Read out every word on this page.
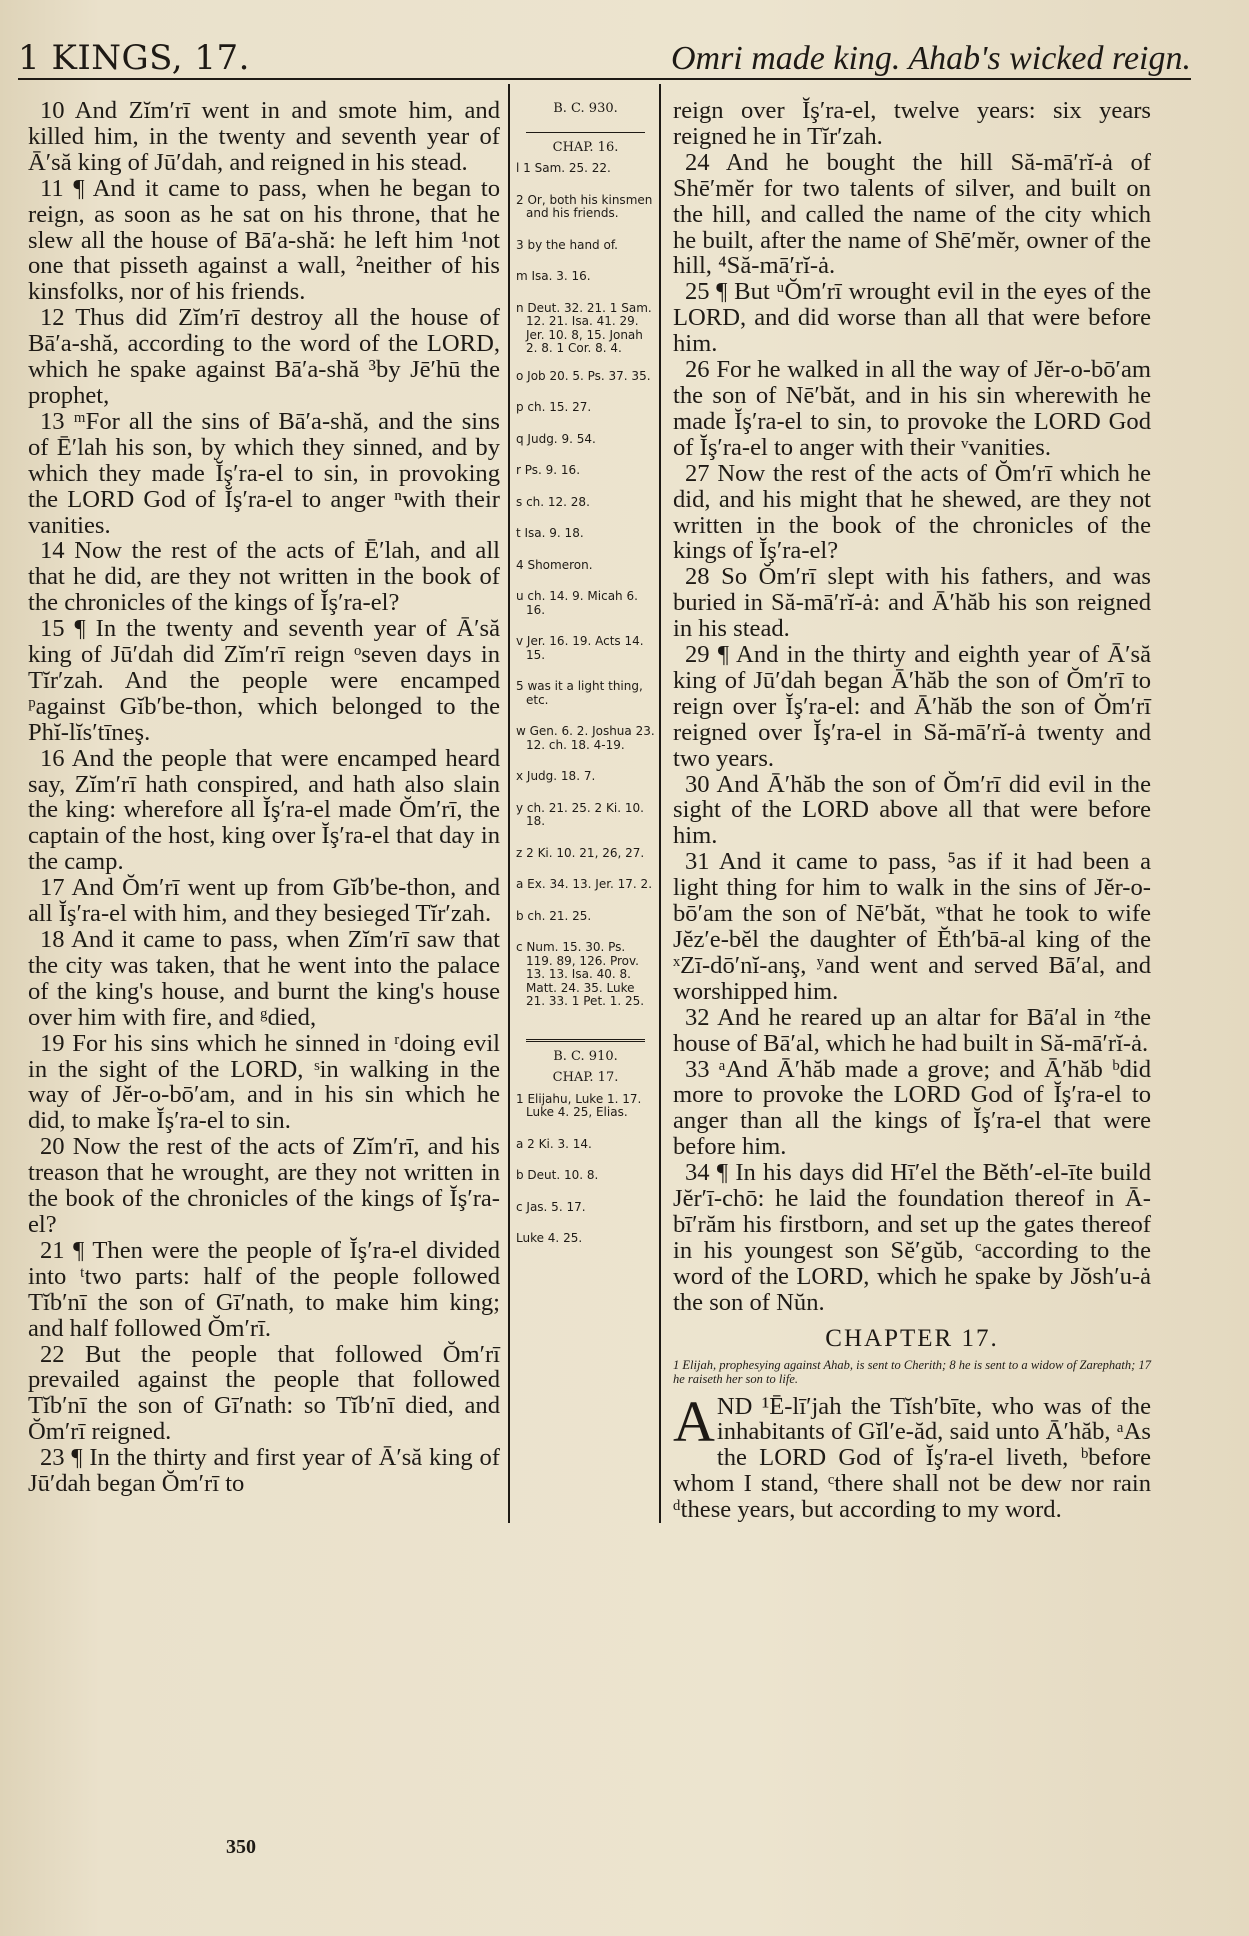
1 KINGS, 17.	Omri made king. Ahab's wicked reign.

10 And Zĭm′rī went in and smote him, and killed him, in the twenty and seventh year of Ā′să king of Jū′dah, and reigned in his stead.

11 ¶ And it came to pass, when he began to reign, as soon as he sat on his throne, that he slew all the house of Bā′a-shă: he left him ¹not one that pisseth against a wall, ²neither of his kinsfolks, nor of his friends.

12 Thus did Zĭm′rī destroy all the house of Bā′a-shă, according to the word of the LORD, which he spake against Bā′a-shă ³by Jē′hū the prophet,

13 ᵐFor all the sins of Bā′a-shă, and the sins of Ē′lah his son, by which they sinned, and by which they made Ĭş′ra-el to sin, in provoking the LORD God of Ĭş′ra-el to anger ⁿwith their vanities.

14 Now the rest of the acts of Ē′lah, and all that he did, are they not written in the book of the chronicles of the kings of Ĭş′ra-el?

15 ¶ In the twenty and seventh year of Ā′să king of Jū′dah did Zĭm′rī reign ᵒseven days in Tĭr′zah. And the people were encamped ᵖagainst Gĭb′be-thon, which belonged to the Phĭ-lĭs′tīneş.

16 And the people that were encamped heard say, Zĭm′rī hath conspired, and hath also slain the king: wherefore all Ĭş′ra-el made Ŏm′rī, the captain of the host, king over Ĭş′ra-el that day in the camp.

17 And Ŏm′rī went up from Gĭb′be-thon, and all Ĭş′ra-el with him, and they besieged Tĭr′zah.

18 And it came to pass, when Zĭm′rī saw that the city was taken, that he went into the palace of the king's house, and burnt the king's house over him with fire, and ᵍdied,

19 For his sins which he sinned in ʳdoing evil in the sight of the LORD, ˢin walking in the way of Jĕr-o-bō′am, and in his sin which he did, to make Ĭş′ra-el to sin.

20 Now the rest of the acts of Zĭm′rī, and his treason that he wrought, are they not written in the book of the chronicles of the kings of Ĭş′ra-el?

21 ¶ Then were the people of Ĭş′ra-el divided into ᵗtwo parts: half of the people followed Tĭb′nī the son of Gī′nath, to make him king; and half followed Ŏm′rī.

22 But the people that followed Ŏm′rī prevailed against the people that followed Tĭb′nī the son of Gī′nath: so Tĭb′nī died, and Ŏm′rī reigned.

23 ¶ In the thirty and first year of Ā′să king of Jū′dah began Ŏm′rī to

B. C. 930.
CHAP. 16.

l 1 Sam. 25. 22.

2 Or, both his kinsmen and his friends.

3 by the hand of.

m Isa. 3. 16.

n Deut. 32. 21. 1 Sam. 12. 21. Isa. 41. 29. Jer. 10. 8, 15. Jonah 2. 8. 1 Cor. 8. 4.

o Job 20. 5. Ps. 37. 35.

p ch. 15. 27.

q Judg. 9. 54.

r Ps. 9. 16.

s ch. 12. 28.

t Isa. 9. 18.

4 Shomeron.

u ch. 14. 9. Micah 6. 16.

v Jer. 16. 19. Acts 14. 15.

5 was it a light thing, etc.

w Gen. 6. 2. Joshua 23. 12. ch. 18. 4-19.

x Judg. 18. 7.

y ch. 21. 25. 2 Ki. 10. 18.

z 2 Ki. 10. 21, 26, 27.

a Ex. 34. 13. Jer. 17. 2.

b ch. 21. 25.

c Num. 15. 30. Ps. 119. 89, 126. Prov. 13. 13. Isa. 40. 8. Matt. 24. 35. Luke 21. 33. 1 Pet. 1. 25.

B. C. 910.
CHAP. 17.

1 Elijahu, Luke 1. 17. Luke 4. 25, Elias.

a 2 Ki. 3. 14.

b Deut. 10. 8.

c Jas. 5. 17.

Luke 4. 25.

reign over Ĭş′ra-el, twelve years: six years reigned he in Tĭr′zah.

24 And he bought the hill Să-mā′rĭ-ȧ of Shē′mĕr for two talents of silver, and built on the hill, and called the name of the city which he built, after the name of Shē′mĕr, owner of the hill, ⁴Să-mā′rĭ-ȧ.

25 ¶ But ᵘŎm′rī wrought evil in the eyes of the LORD, and did worse than all that were before him.

26 For he walked in all the way of Jĕr-o-bō′am the son of Nē′băt, and in his sin wherewith he made Ĭş′ra-el to sin, to provoke the LORD God of Ĭş′ra-el to anger with their ᵛvanities.

27 Now the rest of the acts of Ŏm′rī which he did, and his might that he shewed, are they not written in the book of the chronicles of the kings of Ĭş′ra-el?

28 So Ŏm′rī slept with his fathers, and was buried in Să-mā′rĭ-ȧ: and Ā′hăb his son reigned in his stead.

29 ¶ And in the thirty and eighth year of Ā′să king of Jū′dah began Ā′hăb the son of Ŏm′rī to reign over Ĭş′ra-el: and Ā′hăb the son of Ŏm′rī reigned over Ĭş′ra-el in Să-mā′rĭ-ȧ twenty and two years.

30 And Ā′hăb the son of Ŏm′rī did evil in the sight of the LORD above all that were before him.

31 And it came to pass, ⁵as if it had been a light thing for him to walk in the sins of Jĕr-o-bō′am the son of Nē′băt, ʷthat he took to wife Jĕz′e-bĕl the daughter of Ĕth′bā-al king of the ˣZī-dō′nĭ-anş, ʸand went and served Bā′al, and worshipped him.

32 And he reared up an altar for Bā′al in ᶻthe house of Bā′al, which he had built in Să-mā′rĭ-ȧ.

33 ᵃAnd Ā′hăb made a grove; and Ā′hăb ᵇdid more to provoke the LORD God of Ĭş′ra-el to anger than all the kings of Ĭş′ra-el that were before him.

34 ¶ In his days did Hī′el the Bĕth′-el-īte build Jĕr′ī-chō: he laid the foundation thereof in Ā-bī′răm his firstborn, and set up the gates thereof in his youngest son Sĕ′gŭb, ᶜaccording to the word of the LORD, which he spake by Jŏsh′u-ȧ the son of Nŭn.

CHAPTER 17.
1 Elijah, prophesying against Ahab, is sent to Cherith; 8 he is sent to a widow of Zarephath; 17 he raiseth her son to life.

AND ¹Ē-lī′jah the Tĭsh′bīte, who was of the inhabitants of Gĭl′e-ăd, said unto Ā′hăb, ᵃAs the LORD God of Ĭş′ra-el liveth, ᵇbefore whom I stand, ᶜthere shall not be dew nor rain ᵈthese years, but according to my word.

350
